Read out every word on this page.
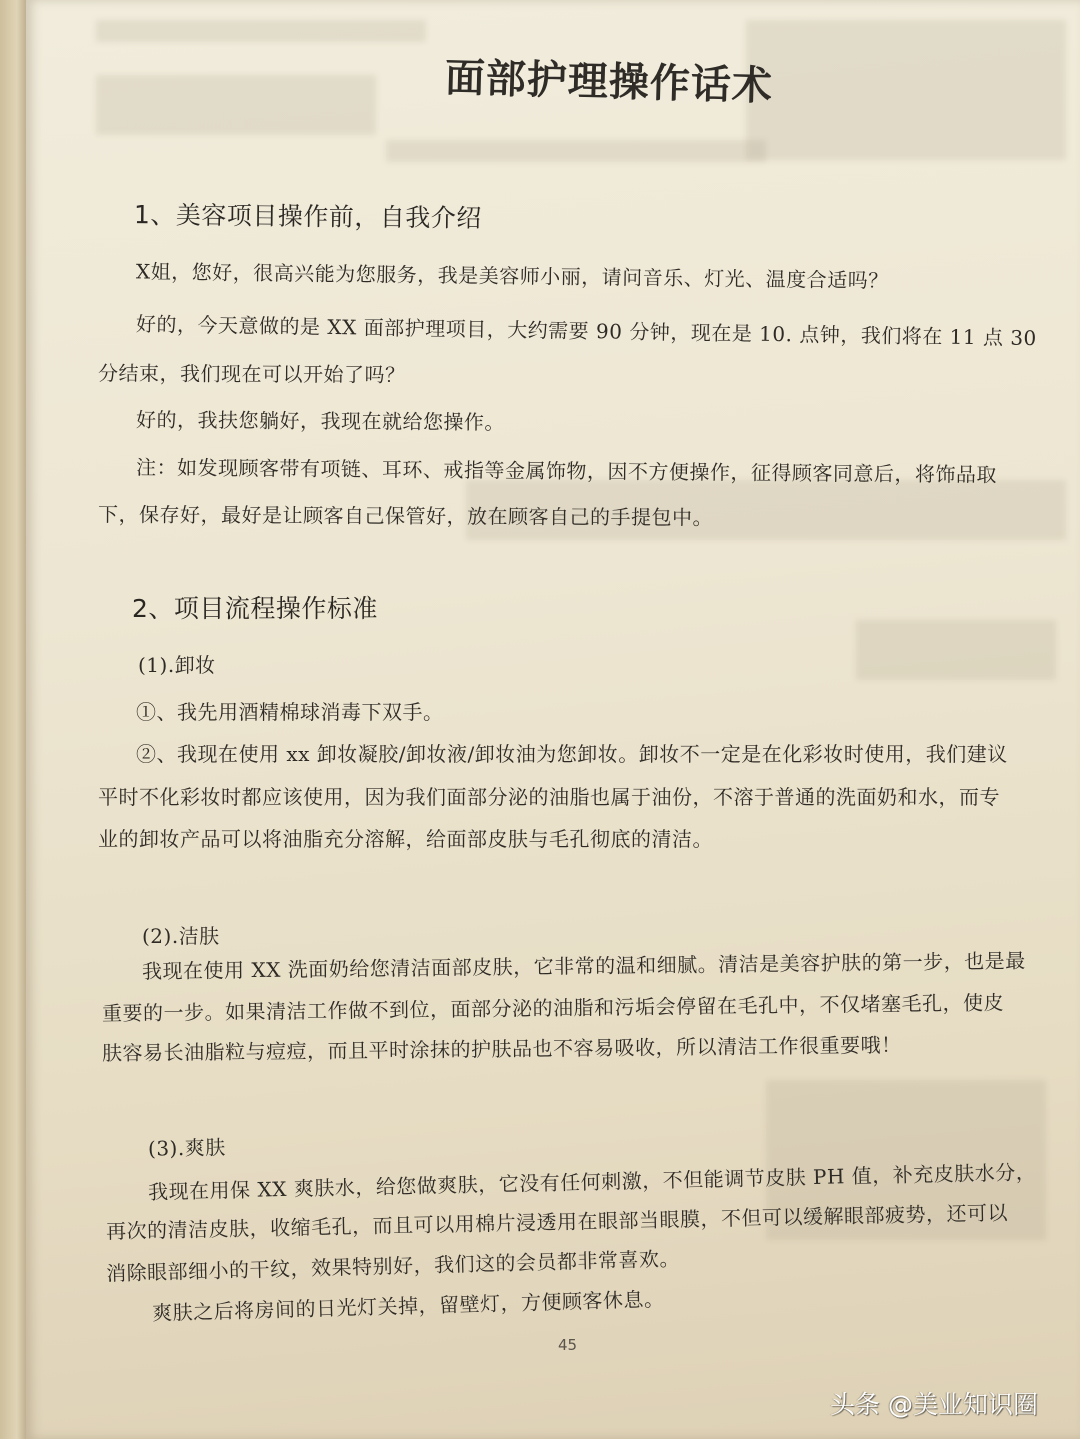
面部护理操作话术
1、美容项目操作前，自我介绍
X姐，您好，很高兴能为您服务，我是美容师小丽，请问音乐、灯光、温度合适吗？
好的，今天意做的是 XX 面部护理项目，大约需要 90 分钟，现在是 10. 点钟，我们将在 11 点 30
分结束，我们现在可以开始了吗？
好的，我扶您躺好，我现在就给您操作。
注：如发现顾客带有项链、耳环、戒指等金属饰物，因不方便操作，征得顾客同意后，将饰品取
下，保存好，最好是让顾客自己保管好，放在顾客自己的手提包中。
2、项目流程操作标准
(1).卸妆
①、我先用酒精棉球消毒下双手。
②、我现在使用 xx 卸妆凝胶/卸妆液/卸妆油为您卸妆。卸妆不一定是在化彩妆时使用，我们建议
平时不化彩妆时都应该使用，因为我们面部分泌的油脂也属于油份，不溶于普通的洗面奶和水，而专
业的卸妆产品可以将油脂充分溶解，给面部皮肤与毛孔彻底的清洁。
(2).洁肤
我现在使用 XX 洗面奶给您清洁面部皮肤，它非常的温和细腻。清洁是美容护肤的第一步，也是最
重要的一步。如果清洁工作做不到位，面部分泌的油脂和污垢会停留在毛孔中，不仅堵塞毛孔，使皮
肤容易长油脂粒与痘痘，而且平时涂抹的护肤品也不容易吸收，所以清洁工作很重要哦！
(3).爽肤
我现在用保 XX 爽肤水，给您做爽肤，它没有任何刺激，不但能调节皮肤 PH 值，补充皮肤水分，
再次的清洁皮肤，收缩毛孔，而且可以用棉片浸透用在眼部当眼膜，不但可以缓解眼部疲势，还可以
消除眼部细小的干纹，效果特别好，我们这的会员都非常喜欢。
爽肤之后将房间的日光灯关掉，留壁灯，方便顾客休息。
45
头条 @美业知识圈
